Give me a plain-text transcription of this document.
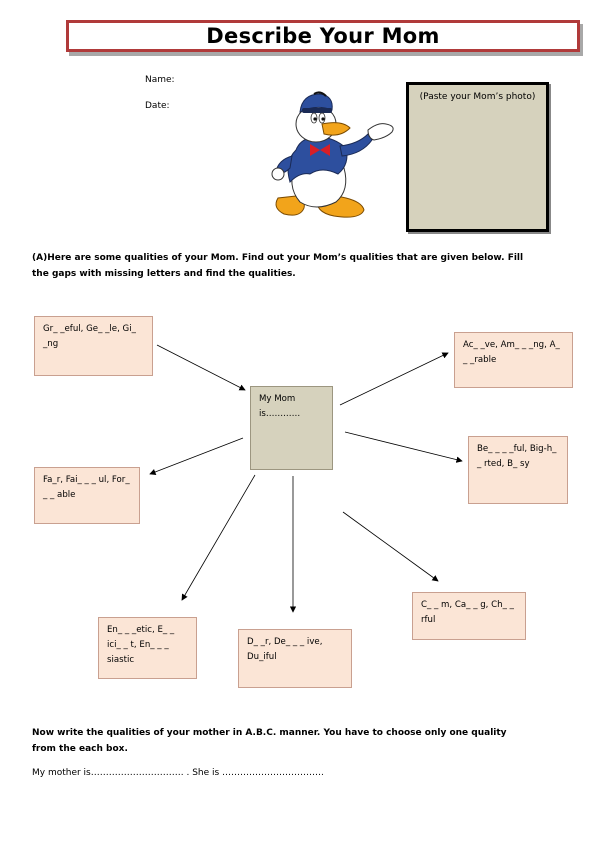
Describe Your Mom
Name:
Date:
(Paste your Mom’s photo)
(A)Here are some qualities of your Mom. Find out your Mom’s qualities that are given below. Fill the gaps with missing letters and find the qualities.
Gr_ _eful, Ge_ _le, Gi_ _ng	Ac_ _ve, Am_ _ _ng, A_ _ _rable
My Mom is…………
Be_ _ _ _ful, Big-h_ _ rted, B_ sy
Fa_r, Fai_ _ _ ul, For_ _ _ able
C_ _ m, Ca_ _ g, Ch_ _ rful
En_ _ _etic, E_ _ ici_ _ t, En_ _ _ siastic
D_ _r, De_ _ _ ive, Du_iful
Now write the qualities of your mother in A.B.C. manner. You have to choose only one quality from the each box.
My mother is…………………………. . She is …………………………….
